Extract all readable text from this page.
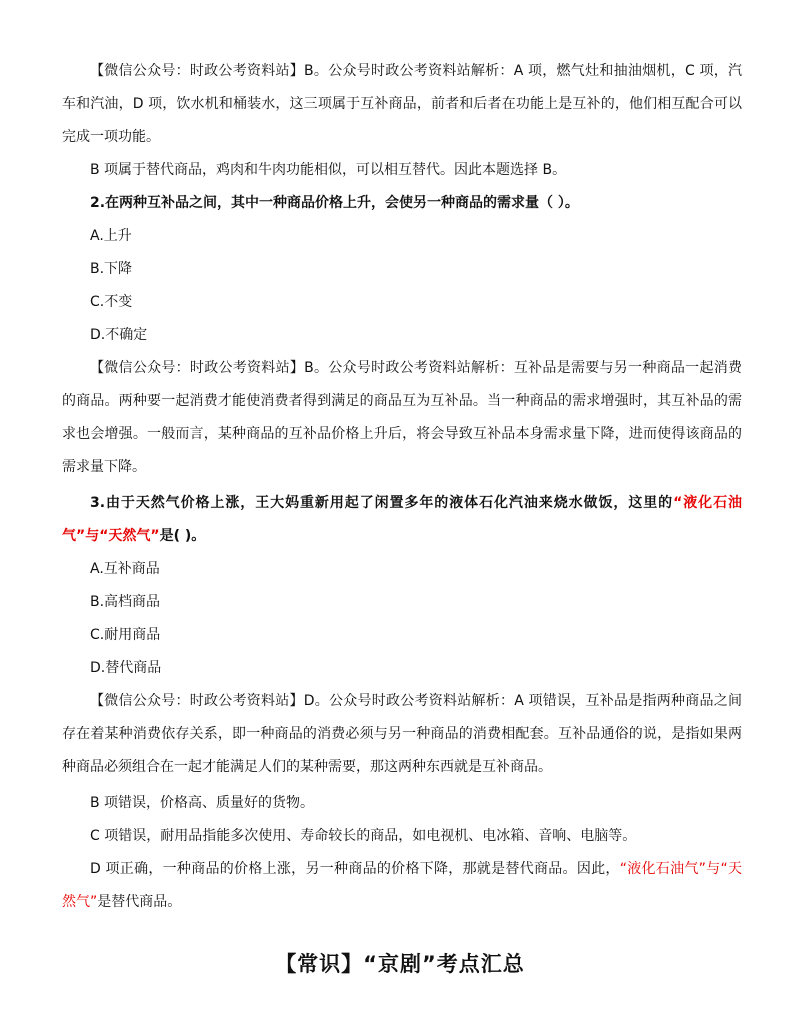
【微信公众号：时政公考资料站】B。公众号时政公考资料站解析：A 项，燃气灶和抽油烟机，C 项，汽车和汽油，D 项，饮水机和桶装水，这三项属于互补商品，前者和后者在功能上是互补的，他们相互配合可以完成一项功能。

B 项属于替代商品，鸡肉和牛肉功能相似，可以相互替代。因此本题选择 B。

2.在两种互补品之间，其中一种商品价格上升，会使另一种商品的需求量（ ）。

A.上升

B.下降

C.不变

D.不确定

【微信公众号：时政公考资料站】B。公众号时政公考资料站解析：互补品是需要与另一种商品一起消费的商品。两种要一起消费才能使消费者得到满足的商品互为互补品。当一种商品的需求增强时，其互补品的需求也会增强。一般而言，某种商品的互补品价格上升后，将会导致互补品本身需求量下降，进而使得该商品的需求量下降。

3.由于天然气价格上涨，王大妈重新用起了闲置多年的液体石化汽油来烧水做饭，这里的“液化石油气”与“天然气”是( )。

A.互补商品

B.高档商品

C.耐用商品

D.替代商品

【微信公众号：时政公考资料站】D。公众号时政公考资料站解析：A 项错误，互补品是指两种商品之间存在着某种消费依存关系，即一种商品的消费必须与另一种商品的消费相配套。互补品通俗的说，是指如果两种商品必须组合在一起才能满足人们的某种需要，那这两种东西就是互补商品。

B 项错误，价格高、质量好的货物。

C 项错误，耐用品指能多次使用、寿命较长的商品，如电视机、电冰箱、音响、电脑等。

D 项正确，一种商品的价格上涨，另一种商品的价格下降，那就是替代商品。因此，“液化石油气”与“天然气”是替代商品。

【常识】“京剧”考点汇总
